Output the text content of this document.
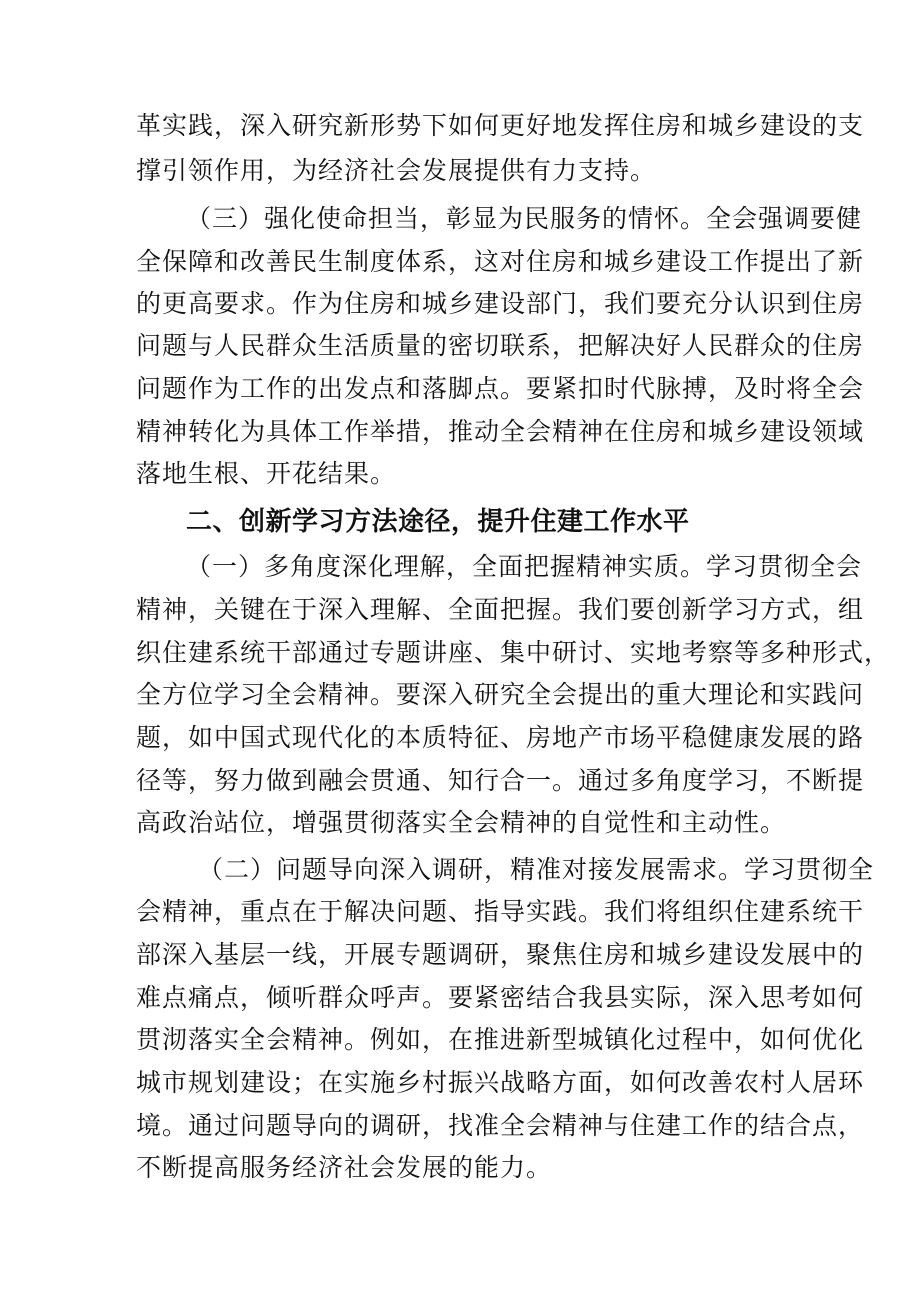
革实践，深入研究新形势下如何更好地发挥住房和城乡建设的支
撑引领作用，为经济社会发展提供有力支持。
（三）强化使命担当，彰显为民服务的情怀。全会强调要健
全保障和改善民生制度体系，这对住房和城乡建设工作提出了新
的更高要求。作为住房和城乡建设部门，我们要充分认识到住房
问题与人民群众生活质量的密切联系，把解决好人民群众的住房
问题作为工作的出发点和落脚点。要紧扣时代脉搏，及时将全会
精神转化为具体工作举措，推动全会精神在住房和城乡建设领域
落地生根、开花结果。
二、创新学习方法途径，提升住建工作水平
（一）多角度深化理解，全面把握精神实质。学习贯彻全会
精神，关键在于深入理解、全面把握。我们要创新学习方式，组
织住建系统干部通过专题讲座、集中研讨、实地考察等多种形式，
全方位学习全会精神。要深入研究全会提出的重大理论和实践问
题，如中国式现代化的本质特征、房地产市场平稳健康发展的路
径等，努力做到融会贯通、知行合一。通过多角度学习，不断提
高政治站位，增强贯彻落实全会精神的自觉性和主动性。
（二）问题导向深入调研，精准对接发展需求。学习贯彻全
会精神，重点在于解决问题、指导实践。我们将组织住建系统干
部深入基层一线，开展专题调研，聚焦住房和城乡建设发展中的
难点痛点，倾听群众呼声。要紧密结合我县实际，深入思考如何
贯沏落实全会精神。例如，在推进新型城镇化过程中，如何优化
城市规划建设；在实施乡村振兴战略方面，如何改善农村人居环
境。通过问题导向的调研，找准全会精神与住建工作的结合点，
不断提高服务经济社会发展的能力。
